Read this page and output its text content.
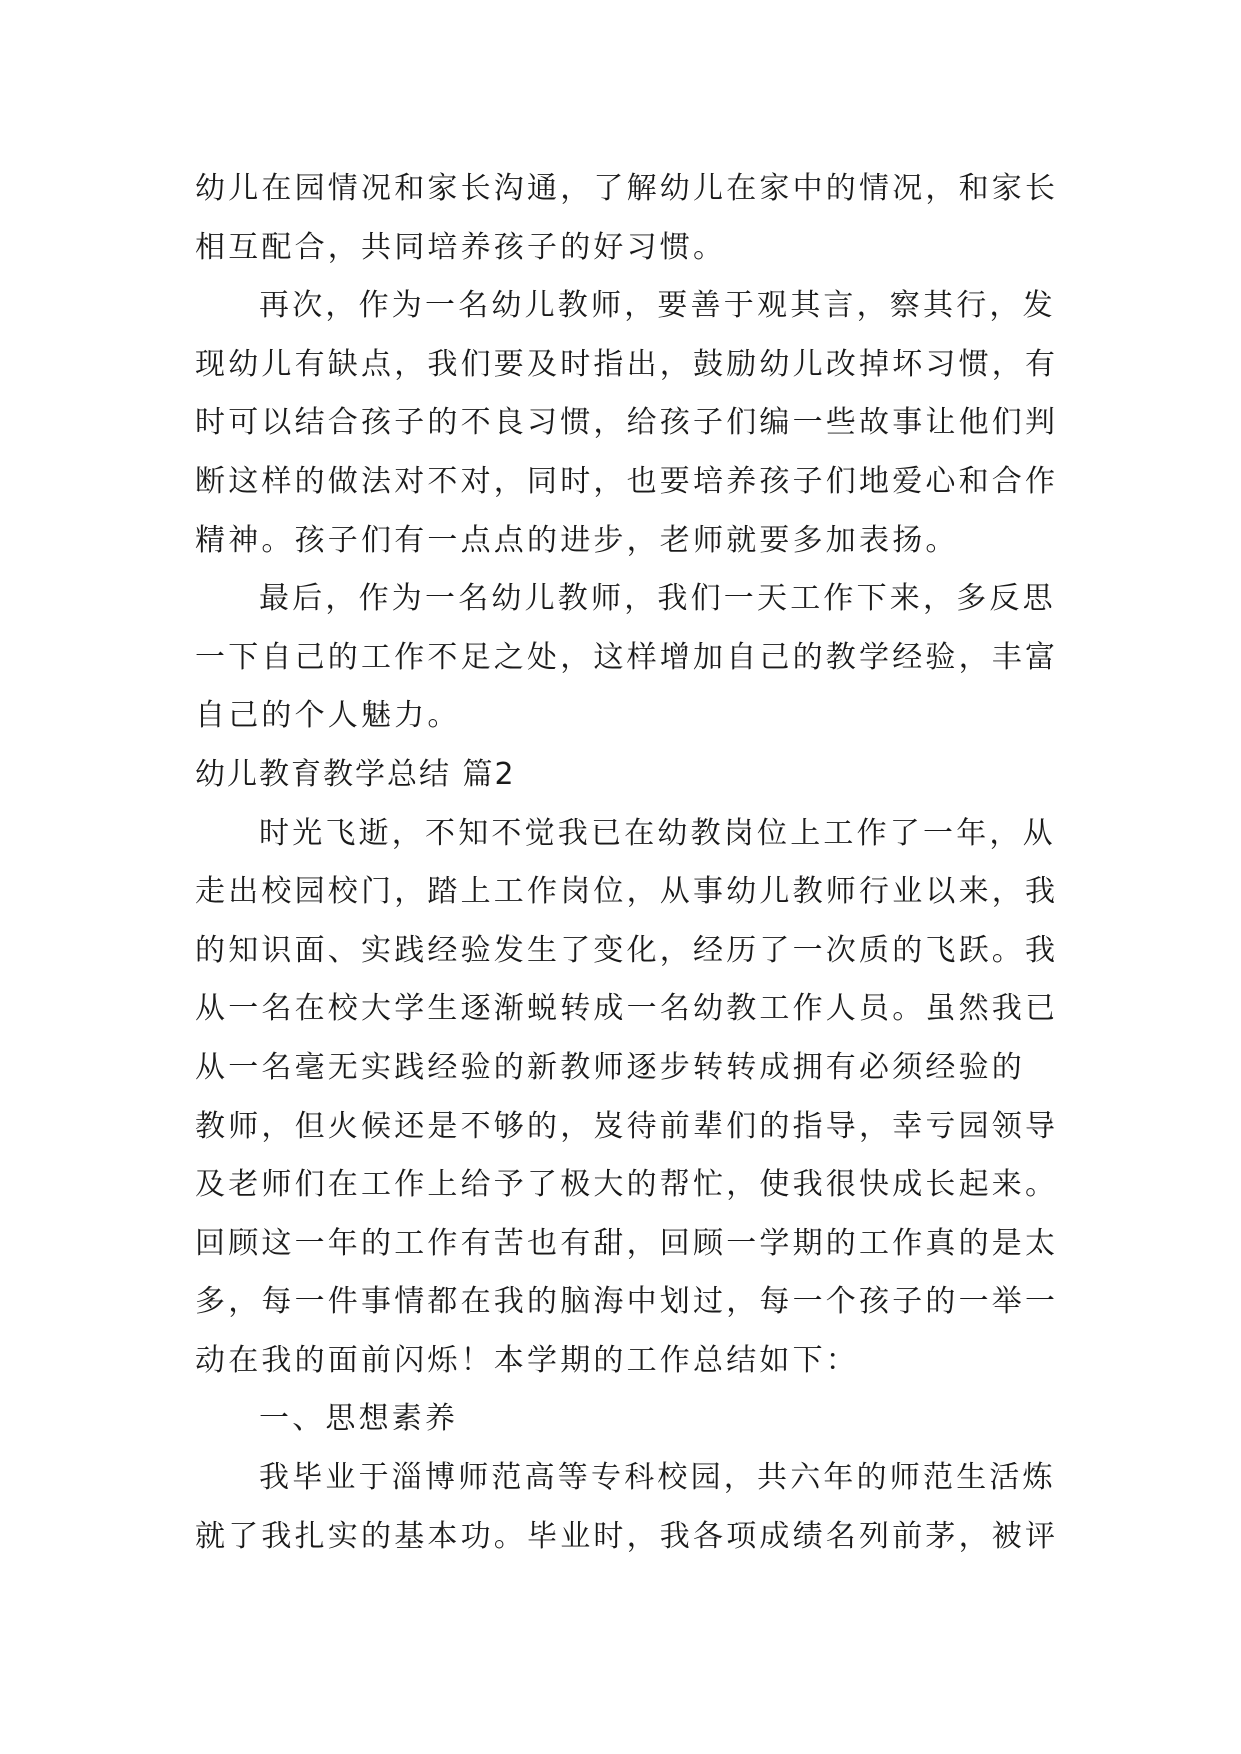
幼儿在园情况和家长沟通，了解幼儿在家中的情况，和家长
相互配合，共同培养孩子的好习惯。
再次，作为一名幼儿教师，要善于观其言，察其行，发
现幼儿有缺点，我们要及时指出，鼓励幼儿改掉坏习惯，有
时可以结合孩子的不良习惯，给孩子们编一些故事让他们判
断这样的做法对不对，同时，也要培养孩子们地爱心和合作
精神。孩子们有一点点的进步，老师就要多加表扬。
最后，作为一名幼儿教师，我们一天工作下来，多反思
一下自己的工作不足之处，这样增加自己的教学经验，丰富
自己的个人魅力。
幼儿教育教学总结 篇2
时光飞逝，不知不觉我已在幼教岗位上工作了一年，从
走出校园校门，踏上工作岗位，从事幼儿教师行业以来，我
的知识面、实践经验发生了变化，经历了一次质的飞跃。我
从一名在校大学生逐渐蜕转成一名幼教工作人员。虽然我已
从一名毫无实践经验的新教师逐步转转成拥有必须经验的
教师，但火候还是不够的，岌待前辈们的指导，幸亏园领导
及老师们在工作上给予了极大的帮忙，使我很快成长起来。
回顾这一年的工作有苦也有甜，回顾一学期的工作真的是太
多，每一件事情都在我的脑海中划过，每一个孩子的一举一
动在我的面前闪烁！本学期的工作总结如下：
一、思想素养
我毕业于淄博师范高等专科校园，共六年的师范生活炼
就了我扎实的基本功。毕业时，我各项成绩名列前茅，被评
